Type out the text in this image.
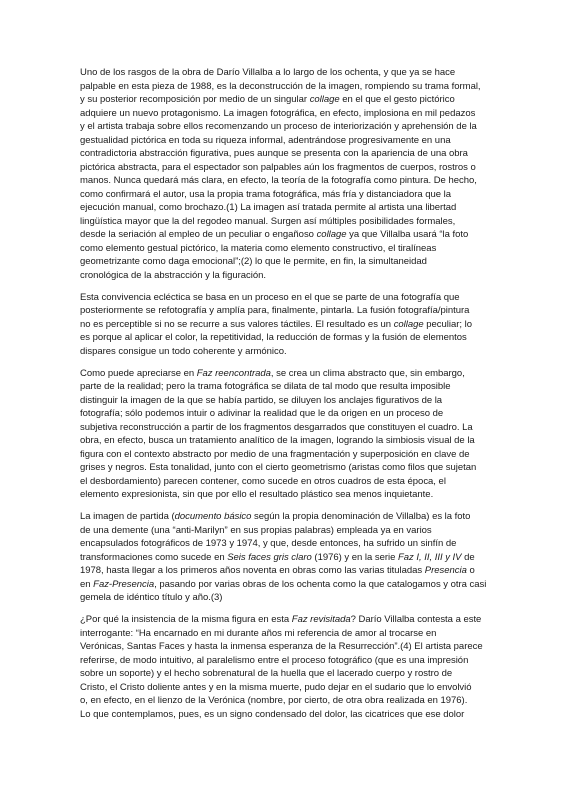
Uno de los rasgos de la obra de Darío Villalba a lo largo de los ochenta, y que ya se hace
palpable en esta pieza de 1988, es la deconstrucción de la imagen, rompiendo su trama formal,
y su posterior recomposición por medio de un singular collage en el que el gesto pictórico
adquiere un nuevo protagonismo. La imagen fotográfica, en efecto, implosiona en mil pedazos
y el artista trabaja sobre ellos recomenzando un proceso de interiorización y aprehensión de la
gestualidad pictórica en toda su riqueza informal, adentrándose progresivamente en una
contradictoria abstracción figurativa, pues aunque se presenta con la apariencia de una obra
pictórica abstracta, para el espectador son palpables aún los fragmentos de cuerpos, rostros o
manos. Nunca quedará más clara, en efecto, la teoría de la fotografía como pintura. De hecho,
como confirmará el autor, usa la propia trama fotográfica, más fría y distanciadora que la
ejecución manual, como brochazo.(1) La imagen así tratada permite al artista una libertad
lingüística mayor que la del regodeo manual. Surgen así múltiples posibilidades formales,
desde la seriación al empleo de un peculiar o engañoso collage ya que Villalba usará “la foto
como elemento gestual pictórico, la materia como elemento constructivo, el tiralíneas
geometrizante como daga emocional”;(2) lo que le permite, en fin, la simultaneidad
cronológica de la abstracción y la figuración.

Esta convivencia ecléctica se basa en un proceso en el que se parte de una fotografía que
posteriormente se refotografía y amplía para, finalmente, pintarla. La fusión fotografía/pintura
no es perceptible si no se recurre a sus valores táctiles. El resultado es un collage peculiar; lo
es porque al aplicar el color, la repetitividad, la reducción de formas y la fusión de elementos
dispares consigue un todo coherente y armónico.

Como puede apreciarse en Faz reencontrada, se crea un clima abstracto que, sin embargo,
parte de la realidad; pero la trama fotográfica se dilata de tal modo que resulta imposible
distinguir la imagen de la que se había partido, se diluyen los anclajes figurativos de la
fotografía; sólo podemos intuir o adivinar la realidad que le da origen en un proceso de
subjetiva reconstrucción a partir de los fragmentos desgarrados que constituyen el cuadro. La
obra, en efecto, busca un tratamiento analítico de la imagen, logrando la simbiosis visual de la
figura con el contexto abstracto por medio de una fragmentación y superposición en clave de
grises y negros. Esta tonalidad, junto con el cierto geometrismo (aristas como filos que sujetan
el desbordamiento) parecen contener, como sucede en otros cuadros de esta época, el
elemento expresionista, sin que por ello el resultado plástico sea menos inquietante.

La imagen de partida (documento básico según la propia denominación de Villalba) es la foto
de una demente (una “anti-Marilyn” en sus propias palabras) empleada ya en varios
encapsulados fotográficos de 1973 y 1974, y que, desde entonces, ha sufrido un sinfín de
transformaciones como sucede en Seis faces gris claro (1976) y en la serie Faz I, II, III y IV de
1978, hasta llegar a los primeros años noventa en obras como las varias tituladas Presencia o
en Faz-Presencia, pasando por varias obras de los ochenta como la que catalogamos y otra casi
gemela de idéntico título y año.(3)

¿Por qué la insistencia de la misma figura en esta Faz revisitada? Darío Villalba contesta a este
interrogante: “Ha encarnado en mi durante años mi referencia de amor al trocarse en
Verónicas, Santas Faces y hasta la inmensa esperanza de la Resurrección”.(4) El artista parece
referirse, de modo intuitivo, al paralelismo entre el proceso fotográfico (que es una impresión
sobre un soporte) y el hecho sobrenatural de la huella que el lacerado cuerpo y rostro de
Cristo, el Cristo doliente antes y en la misma muerte, pudo dejar en el sudario que lo envolvió
o, en efecto, en el lienzo de la Verónica (nombre, por cierto, de otra obra realizada en 1976).
Lo que contemplamos, pues, es un signo condensado del dolor, las cicatrices que ese dolor
